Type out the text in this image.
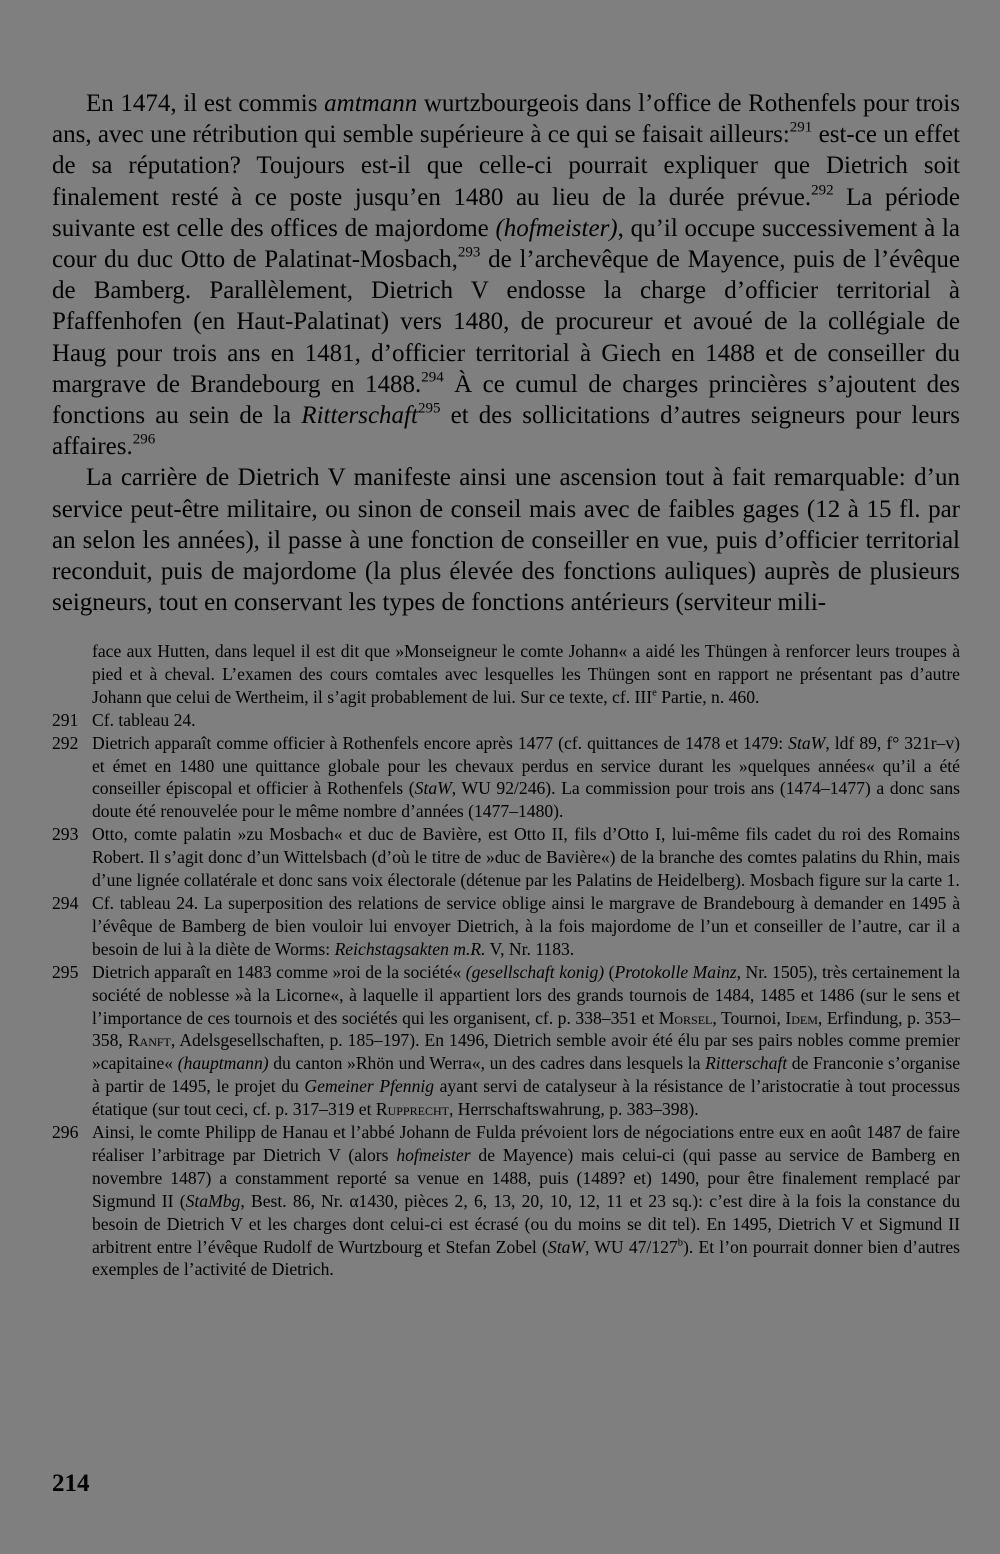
En 1474, il est commis amtmann wurtzbourgeois dans l’office de Rothenfels pour trois ans, avec une rétribution qui semble supérieure à ce qui se faisait ailleurs:$^{291}$ est-ce un effet de sa réputation? Toujours est-il que celle-ci pourrait expliquer que Dietrich soit finalement resté à ce poste jusqu’en 1480 au lieu de la durée prévue.$^{292}$ La période suivante est celle des offices de majordome (hofmeister), qu’il occupe successivement à la cour du duc Otto de Palatinat-Mosbach,$^{293}$ de l’archevêque de Mayence, puis de l’évêque de Bamberg. Parallèlement, Dietrich V endosse la charge d’officier territorial à Pfaffenhofen (en Haut-Palatinat) vers 1480, de procureur et avoué de la collégiale de Haug pour trois ans en 1481, d’officier territorial à Giech en 1488 et de conseiller du margrave de Brandebourg en 1488.$^{294}$ À ce cumul de charges princières s’ajoutent des fonctions au sein de la Ritterschaft$^{295}$ et des sollicitations d’autres seigneurs pour leurs affaires.$^{296}$

La carrière de Dietrich V manifeste ainsi une ascension tout à fait remarquable: d’un service peut-être militaire, ou sinon de conseil mais avec de faibles gages (12 à 15 fl. par an selon les années), il passe à une fonction de conseiller en vue, puis d’officier territorial reconduit, puis de majordome (la plus élevée des fonctions auliques) auprès de plusieurs seigneurs, tout en conservant les types de fonctions antérieurs (serviteur mili-

face aux Hutten, dans lequel il est dit que »Monseigneur le comte Johann« a aidé les Thüngen à renforcer leurs troupes à pied et à cheval. L’examen des cours comtales avec lesquelles les Thüngen sont en rapport ne présentant pas d’autre Johann que celui de Wertheim, il s’agit probablement de lui. Sur ce texte, cf. IIIe Partie, n. 460.
291 Cf. tableau 24.
292 Dietrich apparaît comme officier à Rothenfels encore après 1477 (cf. quittances de 1478 et 1479: StaW, ldf 89, f° 321r–v) et émet en 1480 une quittance globale pour les chevaux perdus en service durant les »quelques années« qu’il a été conseiller épiscopal et officier à Rothenfels (StaW, WU 92/246). La commission pour trois ans (1474–1477) a donc sans doute été renouvelée pour le même nombre d’années (1477–1480).
293 Otto, comte palatin »zu Mosbach« et duc de Bavière, est Otto II, fils d’Otto I, lui-même fils cadet du roi des Romains Robert. Il s’agit donc d’un Wittelsbach (d’où le titre de »duc de Bavière«) de la branche des comtes palatins du Rhin, mais d’une lignée collatérale et donc sans voix électorale (détenue par les Palatins de Heidelberg). Mosbach figure sur la carte 1.
294 Cf. tableau 24. La superposition des relations de service oblige ainsi le margrave de Brandebourg à demander en 1495 à l’évêque de Bamberg de bien vouloir lui envoyer Dietrich, à la fois majordome de l’un et conseiller de l’autre, car il a besoin de lui à la diète de Worms: Reichstagsakten m.R. V, Nr. 1183.
295 Dietrich apparaît en 1483 comme »roi de la société« (gesellschaft konig) (Protokolle Mainz, Nr. 1505), très certainement la société de noblesse »à la Licorne«, à laquelle il appartient lors des grands tournois de 1484, 1485 et 1486 (sur le sens et l’importance de ces tournois et des sociétés qui les organisent, cf. p. 338–351 et Morsel, Tournoi, Idem, Erfindung, p. 353–358, Ranft, Adelsgesellschaften, p. 185–197). En 1496, Dietrich semble avoir été élu par ses pairs nobles comme premier »capitaine« (hauptmann) du canton »Rhön und Werra«, un des cadres dans lesquels la Ritterschaft de Franconie s’organise à partir de 1495, le projet du Gemeiner Pfennig ayant servi de catalyseur à la résistance de l’aristocratie à tout processus étatique (sur tout ceci, cf. p. 317–319 et Rupprecht, Herrschaftswahrung, p. 383–398).
296 Ainsi, le comte Philipp de Hanau et l’abbé Johann de Fulda prévoient lors de négociations entre eux en août 1487 de faire réaliser l’arbitrage par Dietrich V (alors hofmeister de Mayence) mais celui-ci (qui passe au service de Bamberg en novembre 1487) a constamment reporté sa venue en 1488, puis (1489? et) 1490, pour être finalement remplacé par Sigmund II (StaMbg, Best. 86, Nr. α1430, pièces 2, 6, 13, 20, 10, 12, 11 et 23 sq.): c’est dire à la fois la constance du besoin de Dietrich V et les charges dont celui-ci est écrasé (ou du moins se dit tel). En 1495, Dietrich V et Sigmund II arbitrent entre l’évêque Rudolf de Wurtzbourg et Stefan Zobel (StaW, WU 47/127$^b$). Et l’on pourrait donner bien d’autres exemples de l’activité de Dietrich.
214
